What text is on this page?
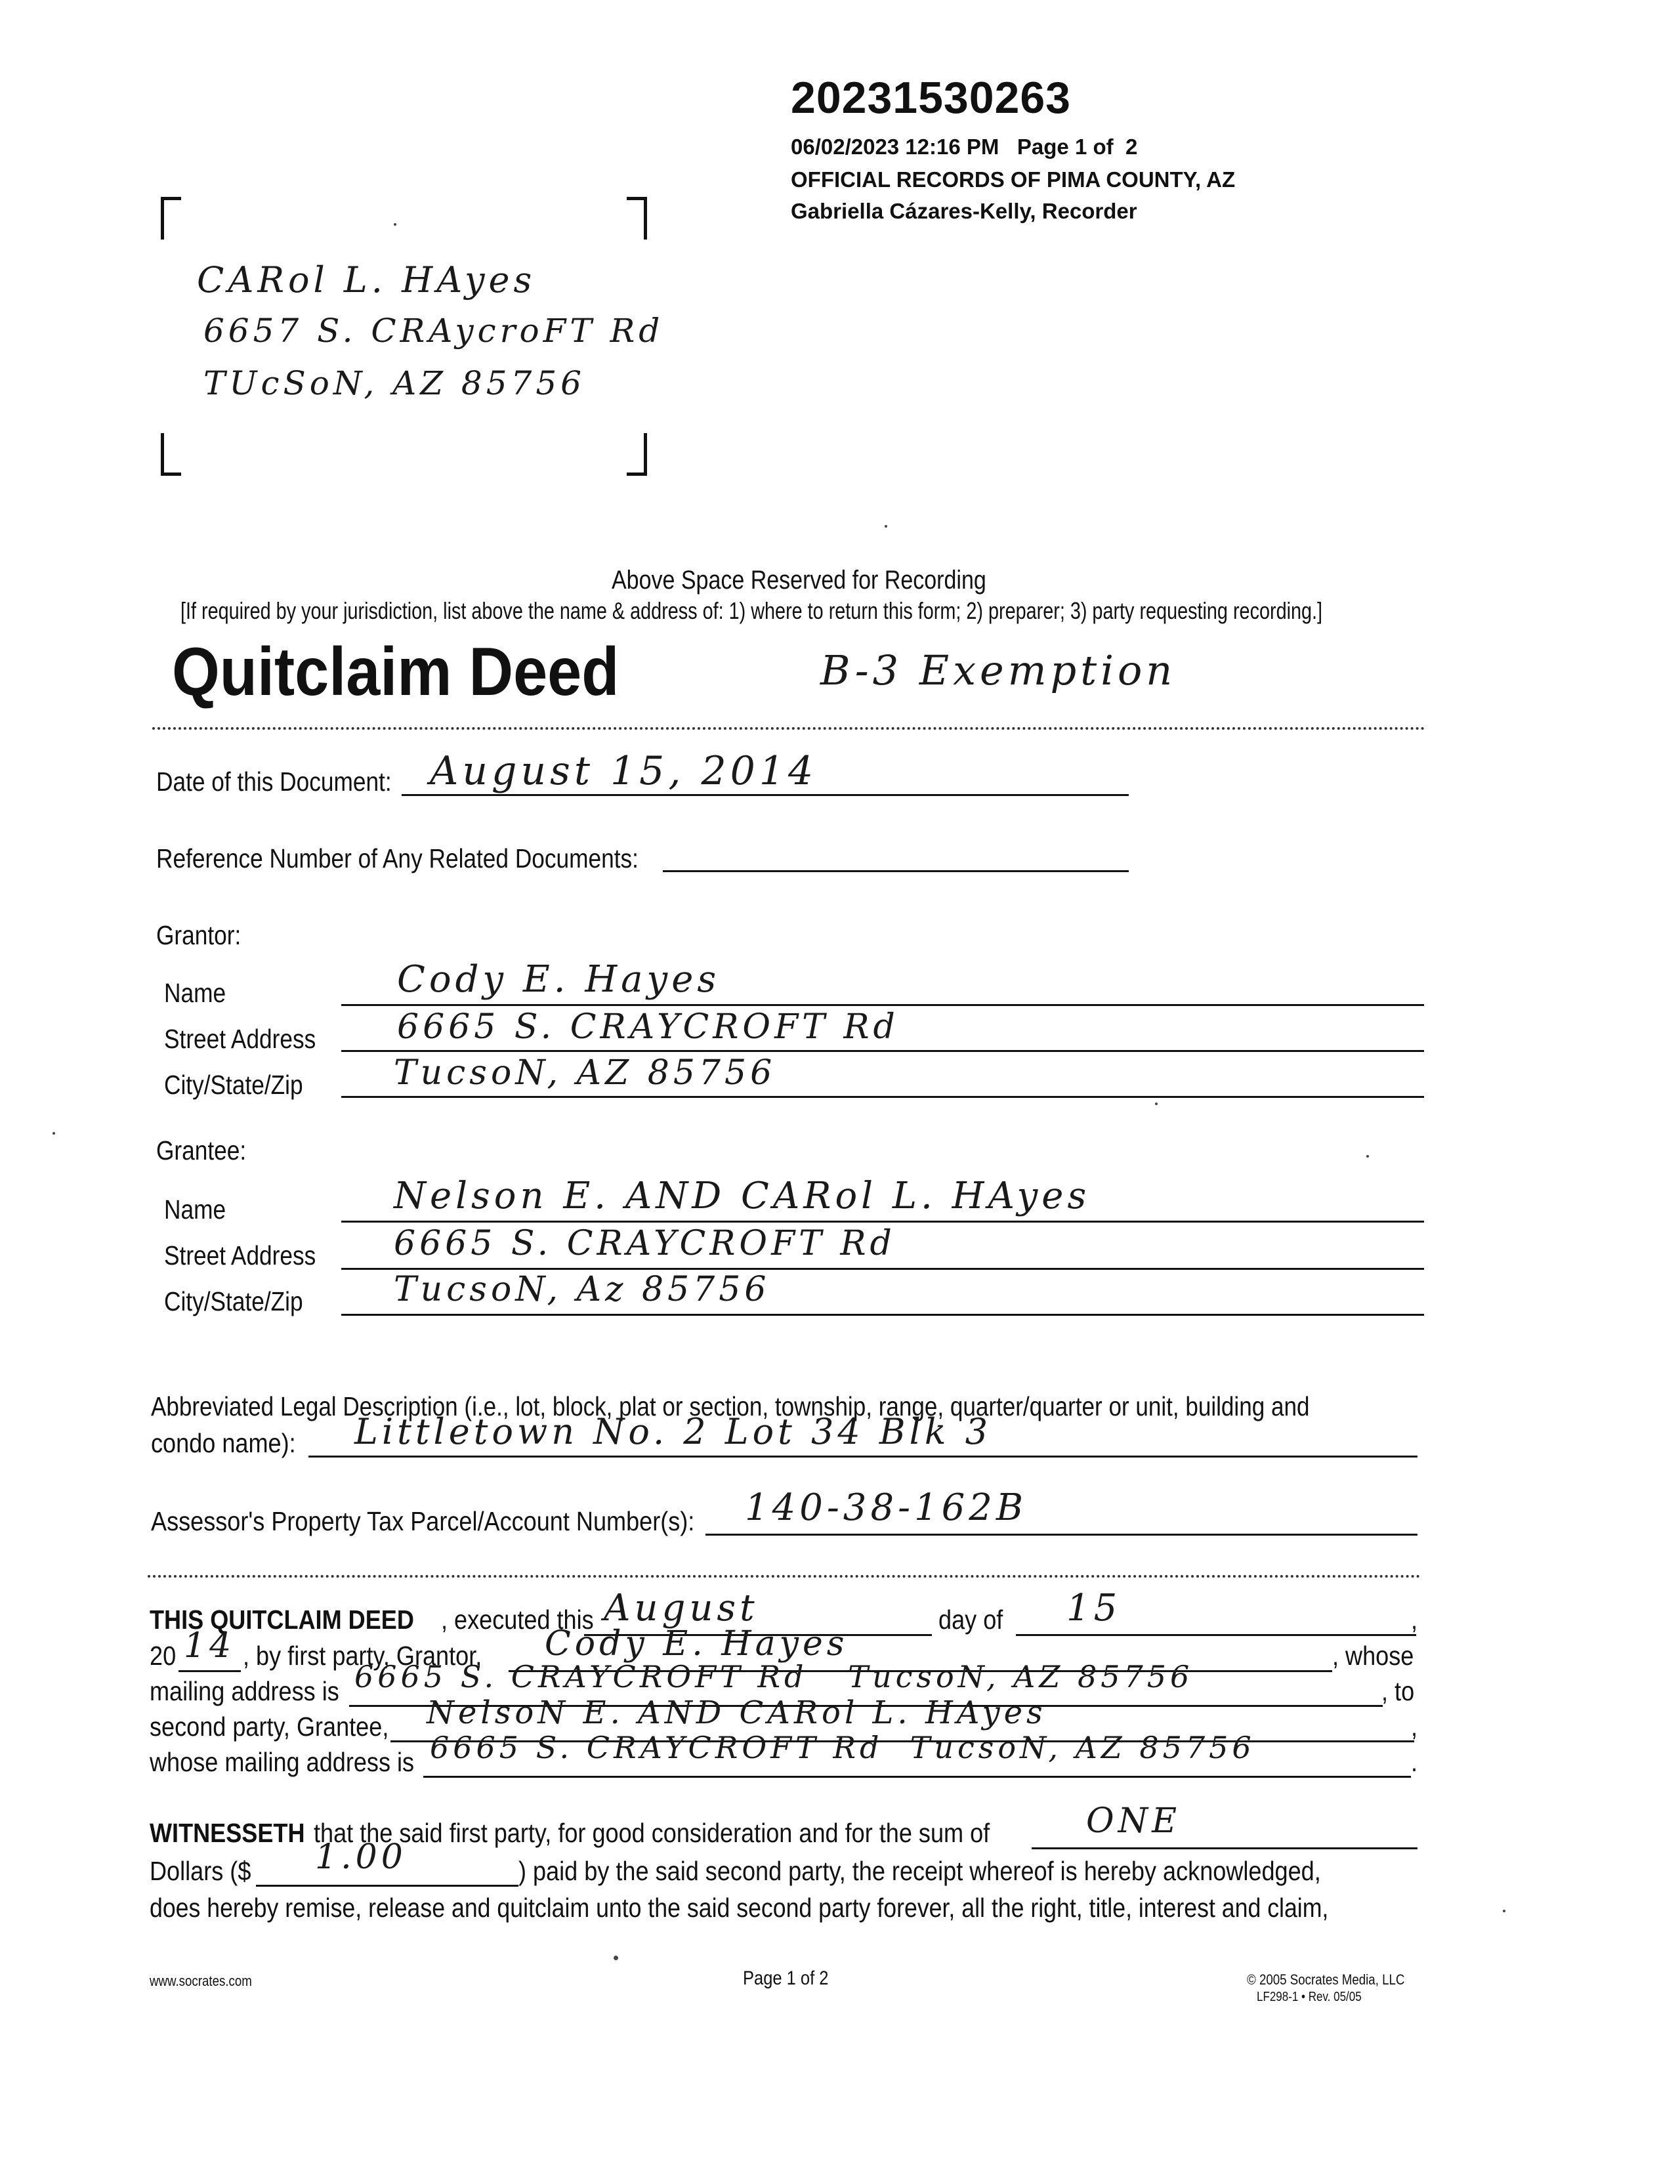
20231530263
06/02/2023 12:16 PM   Page 1 of  2
OFFICIAL RECORDS OF PIMA COUNTY, AZ
Gabriella Cázares-Kelly, Recorder
CARol L. HAyes
6657 S. CRAycroFT Rd
TUcSoN, AZ 85756
Above Space Reserved for Recording
[If required by your jurisdiction, list above the name & address of: 1) where to return this form; 2) preparer; 3) party requesting recording.]
Quitclaim Deed	B-3 Exemption
Date of this Document: August 15, 2014
Reference Number of Any Related Documents:
Grantor:
Name	Cody E. Hayes
Street Address 6665 S. CRAYCROFT Rd
City/State/Zip	TucsoN, AZ 85756
Grantee:
Name	Nelson E. AND CARol L. HAyes
Street Address 6665 S. CRAYCROFT Rd
City/State/Zip	TucsoN, Az 85756
Abbreviated Legal Description (i.e., lot, block, plat or section, township, range, quarter/quarter or unit, building and
condo name): Littletown No. 2 Lot 34 Blk 3
Assessor's Property Tax Parcel/Account Number(s): 140-38-162B
THIS QUITCLAIM DEED , executed this August	day of 15	,
20 14 , by first party, Grantor, Cody E. Hayes	, whose
mailing address is 6665 S. CRAYCROFT Rd   TucsoN, AZ 85756	, to
second party, Grantee, NelsoN E. AND CARol L. HAyes	,
whose mailing address is 6665 S. CRAYCROFT Rd  TucsoN, AZ 85756	.
WITNESSETH that the said first party, for good consideration and for the sum of	ONE
Dollars ($ 1.00	) paid by the said second party, the receipt whereof is hereby acknowledged,
does hereby remise, release and quitclaim unto the said second party forever, all the right, title, interest and claim,
www.socrates.com	Page 1 of 2	© 2005 Socrates Media, LLC
LF298-1 • Rev. 05/05
